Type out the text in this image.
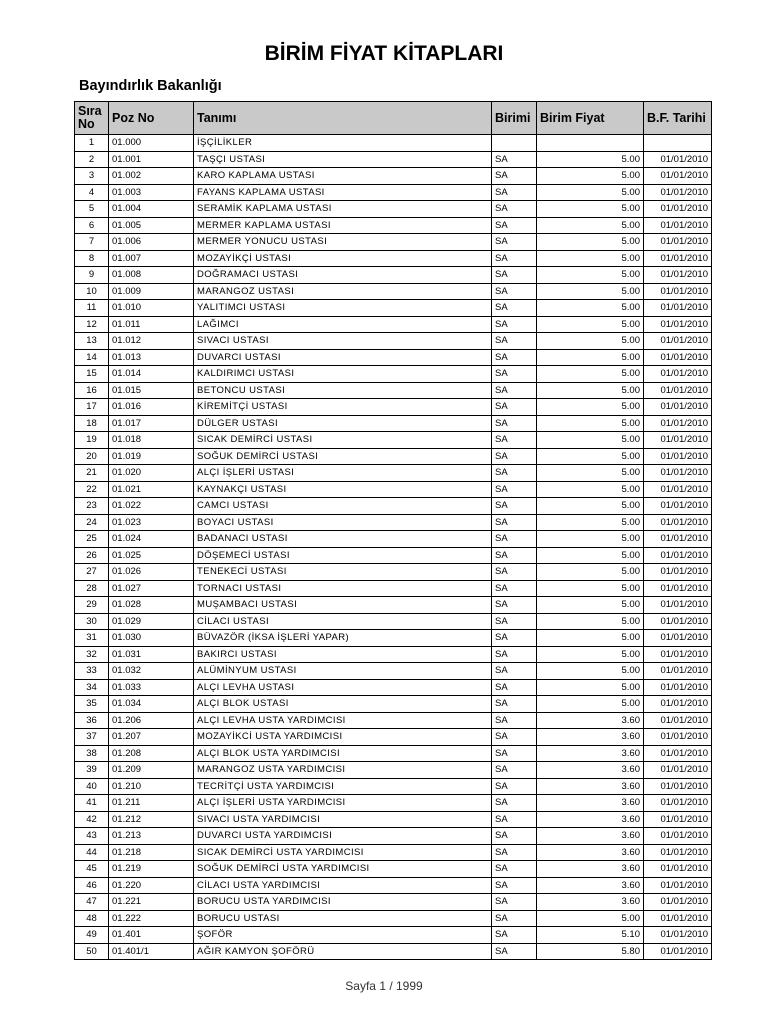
BİRİM FİYAT KİTAPLARI
Bayındırlık Bakanlığı
Sıra No	Poz No	Tanımı	Birimi	Birim Fiyat	B.F. Tarihi
1	01.000	İŞÇİLİKLER			
2	01.001	TAŞÇI USTASI	SA	5.00	01/01/2010
3	01.002	KARO KAPLAMA USTASI	SA	5.00	01/01/2010
4	01.003	FAYANS KAPLAMA USTASI	SA	5.00	01/01/2010
5	01.004	SERAMİK KAPLAMA USTASI	SA	5.00	01/01/2010
6	01.005	MERMER KAPLAMA USTASI	SA	5.00	01/01/2010
7	01.006	MERMER YONUCU USTASI	SA	5.00	01/01/2010
8	01.007	MOZAYİKÇİ USTASI	SA	5.00	01/01/2010
9	01.008	DOĞRAMACI USTASI	SA	5.00	01/01/2010
10	01.009	MARANGOZ USTASI	SA	5.00	01/01/2010
11	01.010	YALITIMCI USTASI	SA	5.00	01/01/2010
12	01.011	LAĞIMCI	SA	5.00	01/01/2010
13	01.012	SIVACI USTASI	SA	5.00	01/01/2010
14	01.013	DUVARCI USTASI	SA	5.00	01/01/2010
15	01.014	KALDIRIMCI USTASI	SA	5.00	01/01/2010
16	01.015	BETONCU USTASI	SA	5.00	01/01/2010
17	01.016	KİREMİTÇİ USTASI	SA	5.00	01/01/2010
18	01.017	DÜLGER USTASI	SA	5.00	01/01/2010
19	01.018	SICAK DEMİRCİ USTASI	SA	5.00	01/01/2010
20	01.019	SOĞUK DEMİRCİ USTASI	SA	5.00	01/01/2010
21	01.020	ALÇI İŞLERİ USTASI	SA	5.00	01/01/2010
22	01.021	KAYNAKÇI USTASI	SA	5.00	01/01/2010
23	01.022	CAMCI USTASI	SA	5.00	01/01/2010
24	01.023	BOYACI USTASI	SA	5.00	01/01/2010
25	01.024	BADANACI USTASI	SA	5.00	01/01/2010
26	01.025	DÖŞEMECİ USTASI	SA	5.00	01/01/2010
27	01.026	TENEKECİ USTASI	SA	5.00	01/01/2010
28	01.027	TORNACI USTASI	SA	5.00	01/01/2010
29	01.028	MUŞAMBACI USTASI	SA	5.00	01/01/2010
30	01.029	CİLACI USTASI	SA	5.00	01/01/2010
31	01.030	BÜVAZÖR (İKSA İŞLERİ YAPAR)	SA	5.00	01/01/2010
32	01.031	BAKIRCI USTASI	SA	5.00	01/01/2010
33	01.032	ALÜMİNYUM USTASI	SA	5.00	01/01/2010
34	01.033	ALÇI LEVHA USTASI	SA	5.00	01/01/2010
35	01.034	ALÇI BLOK USTASI	SA	5.00	01/01/2010
36	01.206	ALÇI LEVHA USTA YARDIMCISI	SA	3.60	01/01/2010
37	01.207	MOZAYİKCİ USTA YARDIMCISI	SA	3.60	01/01/2010
38	01.208	ALÇI BLOK USTA YARDIMCISI	SA	3.60	01/01/2010
39	01.209	MARANGOZ USTA YARDIMCISI	SA	3.60	01/01/2010
40	01.210	TECRİTÇİ USTA YARDIMCISI	SA	3.60	01/01/2010
41	01.211	ALÇI İŞLERİ USTA YARDIMCISI	SA	3.60	01/01/2010
42	01.212	SIVACI USTA YARDIMCISI	SA	3.60	01/01/2010
43	01.213	DUVARCI USTA YARDIMCISI	SA	3.60	01/01/2010
44	01.218	SICAK DEMİRCİ USTA YARDIMCISI	SA	3.60	01/01/2010
45	01.219	SOĞUK DEMİRCİ USTA YARDIMCISI	SA	3.60	01/01/2010
46	01.220	CİLACI USTA YARDIMCISI	SA	3.60	01/01/2010
47	01.221	BORUCU USTA YARDIMCISI	SA	3.60	01/01/2010
48	01.222	BORUCU USTASI	SA	5.00	01/01/2010
49	01.401	ŞOFÖR	SA	5.10	01/01/2010
50	01.401/1	AĞIR KAMYON ŞOFÖRÜ	SA	5.80	01/01/2010
Sayfa 1 / 1999
